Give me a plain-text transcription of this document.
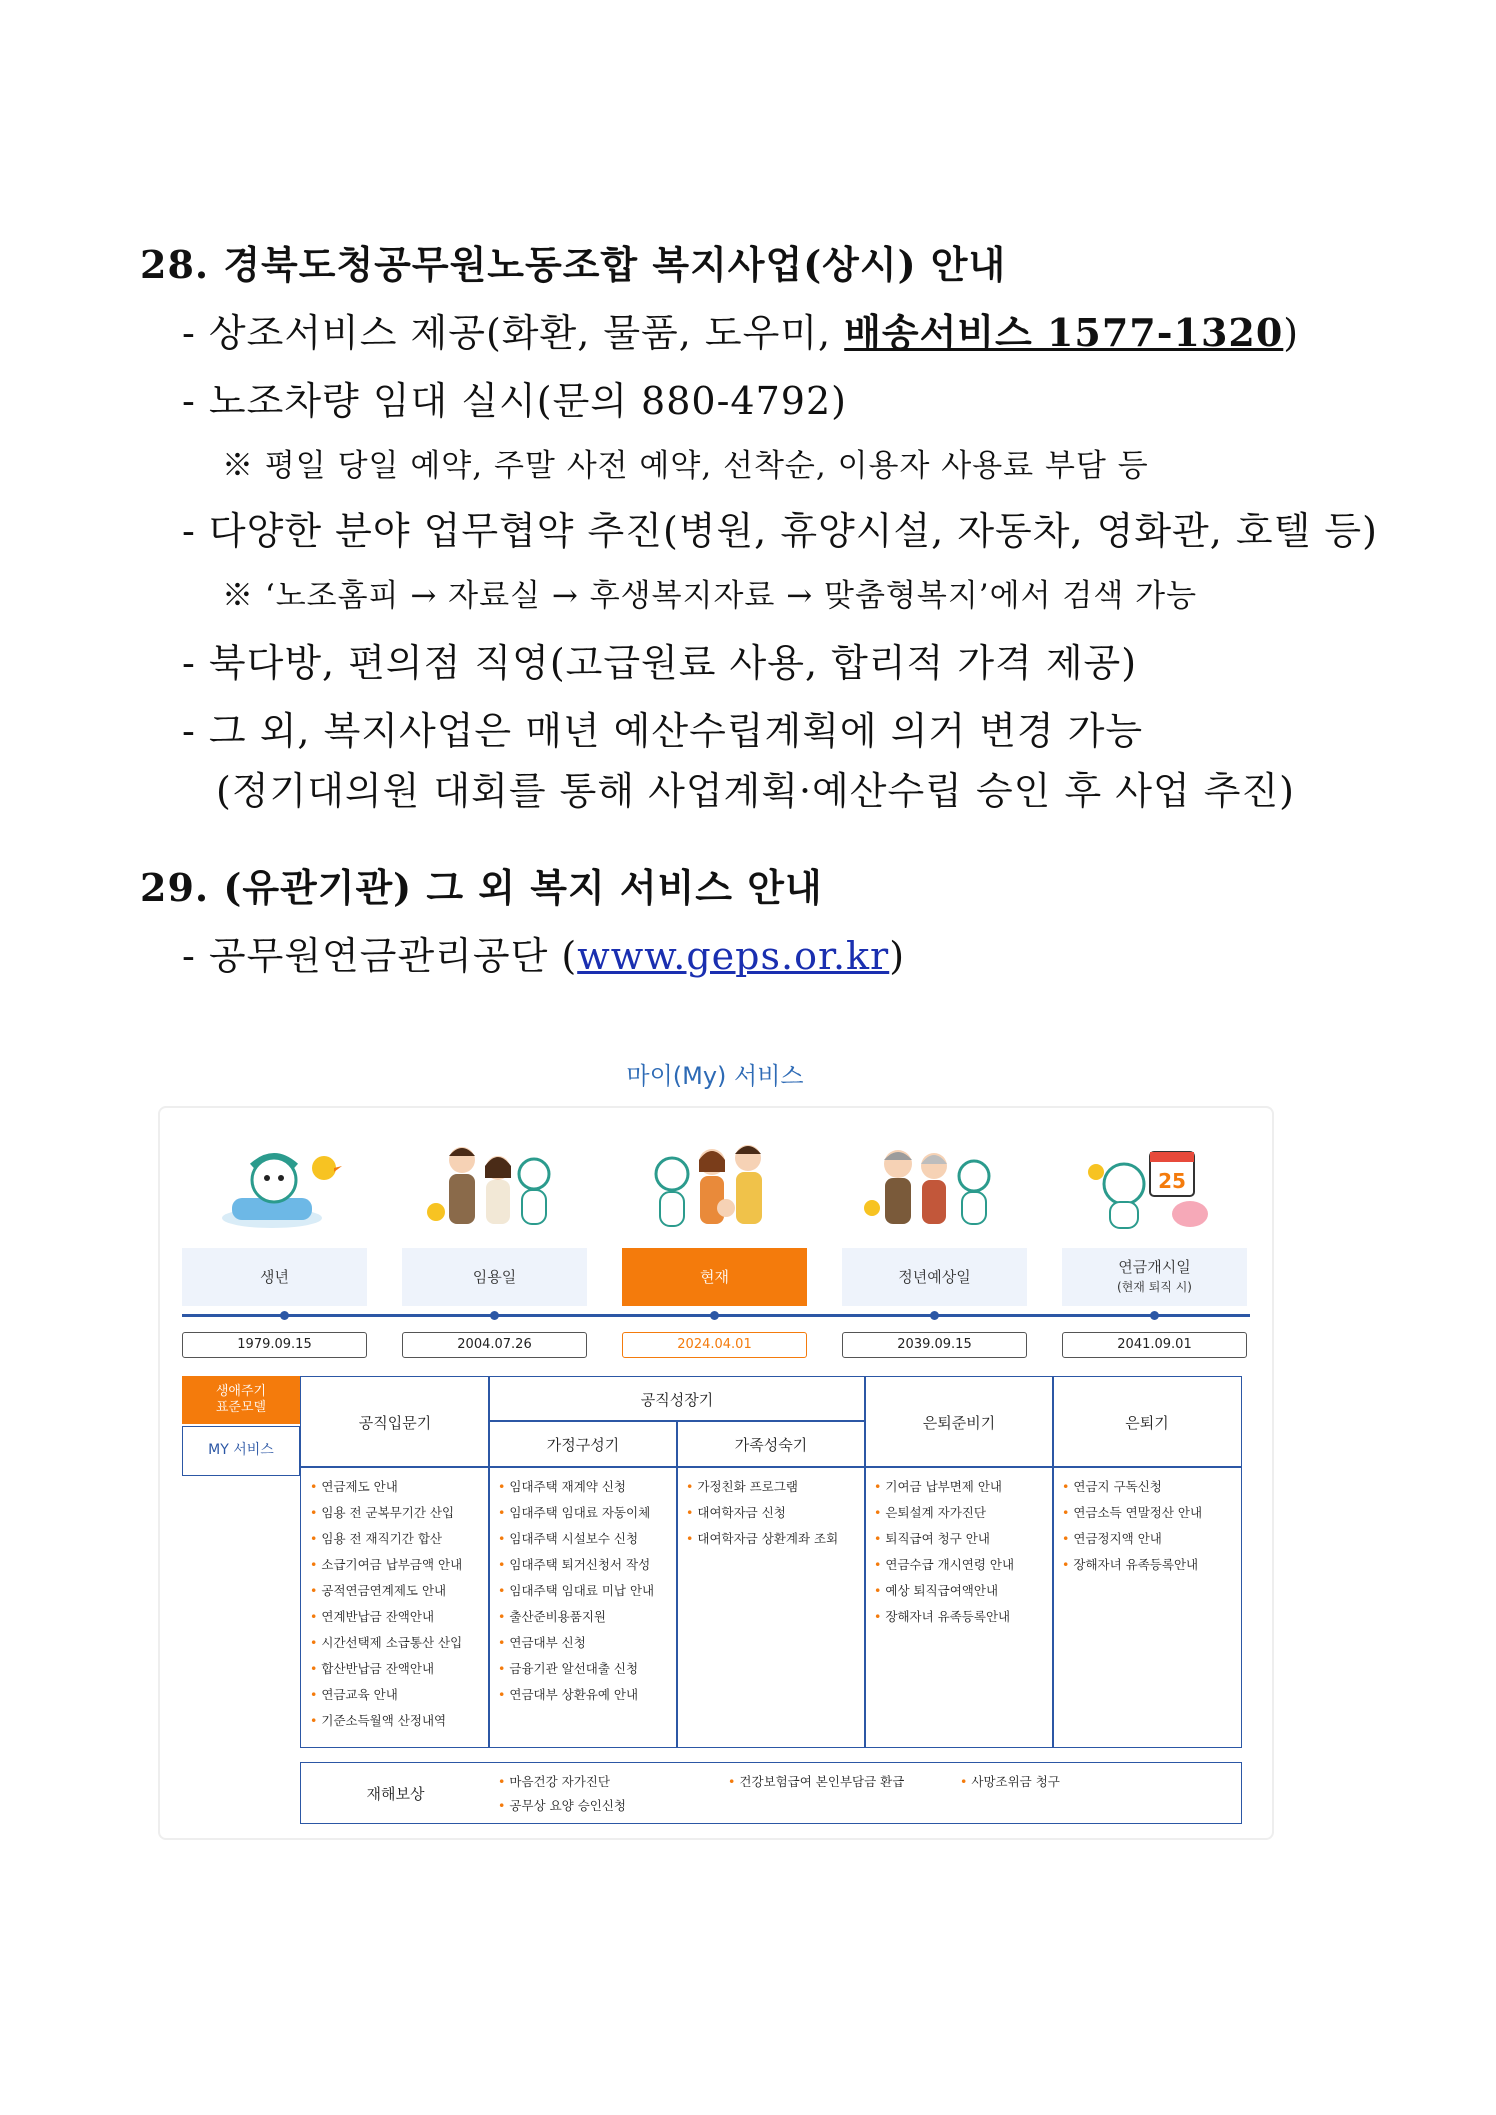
28. 경북도청공무원노동조합 복지사업(상시) 안내
- 상조서비스 제공(화환, 물품, 도우미, 배송서비스 1577-1320)
- 노조차량 임대 실시(문의 880-4792)
※ 평일 당일 예약, 주말 사전 예약, 선착순, 이용자 사용료 부담 등
- 다양한 분야 업무협약 추진(병원, 휴양시설, 자동차, 영화관, 호텔 등)
※ ‘노조홈피 → 자료실 → 후생복지자료 → 맞춤형복지’에서 검색 가능
- 북다방, 편의점 직영(고급원료 사용, 합리적 가격 제공)
- 그 외, 복지사업은 매년 예산수립계획에 의거 변경 가능
(정기대의원 대회를 통해 사업계획·예산수립 승인 후 사업 추진)
29. (유관기관) 그 외 복지 서비스 안내
- 공무원연금관리공단 (www.geps.or.kr)
마이(My) 서비스
25
생년	임용일	현재	정년예상일
연금개시일
(현재 퇴직 시)
1979.09.15	2004.07.26	2024.04.01	2039.09.15	2041.09.01
생애주기
표준모델
MY 서비스
공직입문기
공직성장기
가정구성기	가족성숙기
은퇴준비기	은퇴기
• 연금제도 안내
• 임용 전 군복무기간 산입
• 임용 전 재직기간 합산
• 소급기여금 납부금액 안내
• 공적연금연계제도 안내
• 연계반납금 잔액안내
• 시간선택제 소급통산 산입
• 합산반납금 잔액안내
• 연금교육 안내
• 기준소득월액 산정내역
• 임대주택 재계약 신청
• 임대주택 임대료 자동이체
• 임대주택 시설보수 신청
• 임대주택 퇴거신청서 작성
• 임대주택 임대료 미납 안내
• 출산준비용품지원
• 연금대부 신청
• 금융기관 알선대출 신청
• 연금대부 상환유예 안내
• 가정친화 프로그램
• 대여학자금 신청
• 대여학자금 상환계좌 조회
• 기여금 납부면제 안내
• 은퇴설계 자가진단
• 퇴직급여 청구 안내
• 연금수급 개시연령 안내
• 예상 퇴직급여액안내
• 장해자녀 유족등록안내
• 연금지 구독신청
• 연금소득 연말정산 안내
• 연금정지액 안내
• 장해자녀 유족등록안내
재해보상
• 마음건강 자가진단
• 공무상 요양 승인신청
• 건강보험급여 본인부담금 환급
•	사망조위금 청구
